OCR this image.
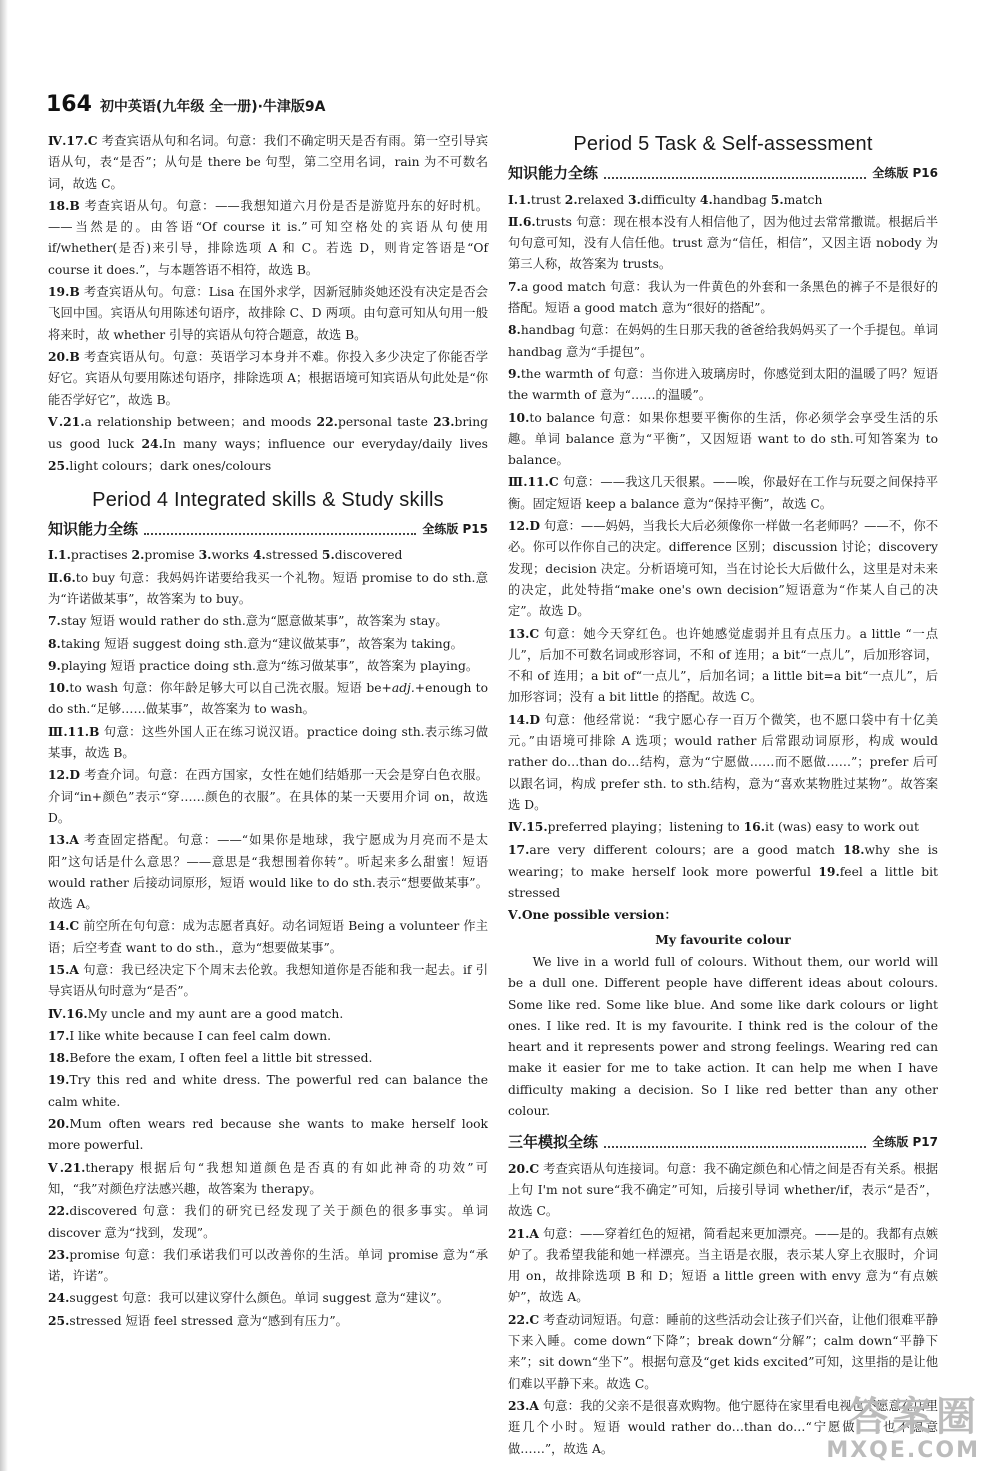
164 初中英语(九年级 全一册)·牛津版9A

Ⅳ.17.C 考查宾语从句和名词。句意：我们不确定明天是否有雨。第一空引导宾语从句，表“是否”；从句是 there be 句型，第二空用名词，rain 为不可数名词，故选 C。

18.B 考查宾语从句。句意：——我想知道六月份是否是游览丹东的好时机。——当然是的。由答语“Of course it is.”可知空格处的宾语从句使用 if/whether(是否)来引导，排除选项 A 和 C。若选 D，则肯定答语是“Of course it does.”，与本题答语不相符，故选 B。

19.B 考查宾语从句。句意：Lisa 在国外求学，因新冠肺炎她还没有决定是否会飞回中国。宾语从句用陈述句语序，故排除 C、D 两项。由句意可知从句用一般将来时，故 whether 引导的宾语从句符合题意，故选 B。

20.B 考查宾语从句。句意：英语学习本身并不难。你投入多少决定了你能否学好它。宾语从句要用陈述句语序，排除选项 A；根据语境可知宾语从句此处是“你能否学好它”，故选 B。

Ⅴ.21.a relationship between；and moods 22.personal taste 23.bring us good luck 24.In many ways；influence our everyday/daily lives 25.light colours；dark ones/colours

Period 4 Integrated skills & Study skills
知识能力全练	全练版 P15

Ⅰ.1.practises 2.promise 3.works 4.stressed 5.discovered

Ⅱ.6.to buy 句意：我妈妈许诺要给我买一个礼物。短语 promise to do sth.意为“许诺做某事”，故答案为 to buy。

7.stay 短语 would rather do sth.意为“愿意做某事”，故答案为 stay。

8.taking 短语 suggest doing sth.意为“建议做某事”，故答案为 taking。

9.playing 短语 practice doing sth.意为“练习做某事”，故答案为 playing。

10.to wash 句意：你年龄足够大可以自己洗衣服。短语 be+adj.+enough to do sth.“足够……做某事”，故答案为 to wash。

Ⅲ.11.B 句意：这些外国人正在练习说汉语。practice doing sth.表示练习做某事，故选 B。

12.D 考查介词。句意：在西方国家，女性在她们结婚那一天会是穿白色衣服。介词“in+颜色”表示“穿……颜色的衣服”。在具体的某一天要用介词 on，故选 D。

13.A 考查固定搭配。句意：——“如果你是地球，我宁愿成为月亮而不是太阳”这句话是什么意思？——意思是“我想围着你转”。听起来多么甜蜜！短语 would rather 后接动词原形，短语 would like to do sth.表示“想要做某事”。故选 A。

14.C 前空所在句句意：成为志愿者真好。动名词短语 Being a volunteer 作主语；后空考查 want to do sth.，意为“想要做某事”。

15.A 句意：我已经决定下个周末去伦敦。我想知道你是否能和我一起去。if 引导宾语从句时意为“是否”。

Ⅳ.16.My uncle and my aunt are a good match.

17.I like white because I can feel calm down.

18.Before the exam, I often feel a little bit stressed.

19.Try this red and white dress. The powerful red can balance the calm white.

20.Mum often wears red because she wants to make herself look more powerful.

Ⅴ.21.therapy 根据后句“我想知道颜色是否真的有如此神奇的功效”可知，“我”对颜色疗法感兴趣，故答案为 therapy。

22.discovered 句意：我们的研究已经发现了关于颜色的很多事实。单词 discover 意为“找到，发现”。

23.promise 句意：我们承诺我们可以改善你的生活。单词 promise 意为“承诺，许诺”。

24.suggest 句意：我可以建议穿什么颜色。单词 suggest 意为“建议”。

25.stressed 短语 feel stressed 意为“感到有压力”。

Period 5 Task & Self-assessment
知识能力全练	全练版 P16

Ⅰ.1.trust 2.relaxed 3.difficulty 4.handbag 5.match

Ⅱ.6.trusts 句意：现在根本没有人相信他了，因为他过去常常撒谎。根据后半句句意可知，没有人信任他。trust 意为“信任，相信”，又因主语 nobody 为第三人称，故答案为 trusts。

7.a good match 句意：我认为一件黄色的外套和一条黑色的裤子不是很好的搭配。短语 a good match 意为“很好的搭配”。

8.handbag 句意：在妈妈的生日那天我的爸爸给我妈妈买了一个手提包。单词 handbag 意为“手提包”。

9.the warmth of 句意：当你进入玻璃房时，你感觉到太阳的温暖了吗？短语 the warmth of 意为“……的温暖”。

10.to balance 句意：如果你想要平衡你的生活，你必须学会享受生活的乐趣。单词 balance 意为“平衡”，又因短语 want to do sth.可知答案为 to balance。

Ⅲ.11.C 句意：——我这几天很累。——唉，你最好在工作与玩耍之间保持平衡。固定短语 keep a balance 意为“保持平衡”，故选 C。

12.D 句意：——妈妈，当我长大后必须像你一样做一名老师吗？——不，你不必。你可以作你自己的决定。difference 区别；discussion 讨论；discovery 发现；decision 决定。分析语境可知，当在讨论长大后做什么，这里是对未来的决定，此处特指“make one's own decision”短语意为“作某人自己的决定”。故选 D。

13.C 句意：她今天穿红色。也许她感觉虚弱并且有点压力。a little “一点儿”，后加不可数名词或形容词，不和 of 连用；a bit“一点儿”，后加形容词，不和 of 连用；a bit of“一点儿”，后加名词；a little bit=a bit“一点儿”，后加形容词；没有 a bit little 的搭配。故选 C。

14.D 句意：他经常说：“我宁愿心存一百万个微笑，也不愿口袋中有十亿美元。”由语境可排除 A 选项；would rather 后常跟动词原形，构成 would rather do…than do…结构，意为“宁愿做……而不愿做……”；prefer 后可以跟名词，构成 prefer sth. to sth.结构，意为“喜欢某物胜过某物”。故答案选 D。

Ⅳ.15.preferred playing；listening to 16.it (was) easy to work out

17.are very different colours；are a good match 18.why she is wearing；to make herself look more powerful 19.feel a little bit stressed

Ⅴ.One possible version：

My favourite colour

We live in a world full of colours. Without them, our world will be a dull one. Different people have different ideas about colours. Some like red. Some like blue. And some like dark colours or light ones. I like red. It is my favourite. I think red is the colour of the heart and it represents power and strong feelings. Wearing red can make it easier for me to take action. It can help me when I have difficulty making a decision. So I like red better than any other colour.

三年模拟全练	全练版 P17

20.C 考查宾语从句连接词。句意：我不确定颜色和心情之间是否有关系。根据上句 I'm not sure“我不确定”可知，后接引导词 whether/if，表示“是否”，故选 C。

21.A 句意：——穿着红色的短裙，简看起来更加漂亮。——是的。我都有点嫉妒了。我希望我能和她一样漂亮。当主语是衣服，表示某人穿上衣服时，介词用 on，故排除选项 B 和 D；短语 a little green with envy 意为“有点嫉妒”，故选 A。

22.C 考查动词短语。句意：睡前的这些活动会让孩子们兴奋，让他们很难平静下来入睡。come down“下降”；break down“分解”；calm down“平静下来”；sit down“坐下”。根据句意及“get kids excited”可知，这里指的是让他们难以平静下来。故选 C。

23.A 句意：我的父亲不是很喜欢购物。他宁愿待在家里看电视也不愿意在店里逛几个小时。短语 would rather do…than do…“宁愿做……也不愿意做……”，故选 A。

答案圈
MXQE.COM
